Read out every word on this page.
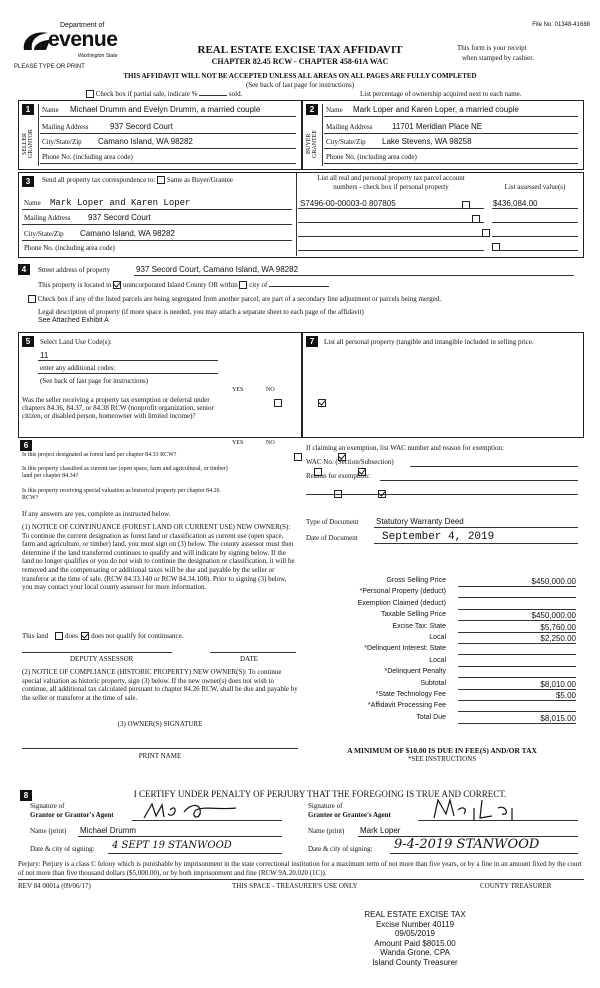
File No: 01348-41688
Department of
evenue
Washington State
PLEASE TYPE OR PRINT
REAL ESTATE EXCISE TAX AFFIDAVIT
CHAPTER 82.45 RCW - CHAPTER 458-61A WAC
This form is your receipt
when stamped by cashier.
THIS AFFIDAVIT WILL NOT BE ACCEPTED UNLESS ALL AREAS ON ALL PAGES ARE FULLY COMPLETED
(See back of last page for instructions)
Check box if partial sale, indicate %	sold.	List percentage of ownership acquired next to each name.
1	2
SELLER GRANTOR	BUYER GRANTEE
Name Michael Drumm and Evelyn Drumm, a married couple
Mailing Address	937 Secord Court
City/State/Zip Camano Island, WA 98282
Phone No. (including area code)
Name Mark Loper and Karen Loper, a married couple
Mailing Address 11701 Meridian Place NE
City/State/Zip Lake Stevens, WA 98258
Phone No. (including area code)
3	Send all property tax correspondence to: Same as Buyer/Grantee
Name Mark Loper and Karen Loper
Mailing Address 937 Secord Court
City/State/Zip Camano Island, WA 98282
Phone No. (including area code)
List all real and personal property tax parcel account
numbers - check box if personal property	List assessed value(s)
S7496-00-00003-0 807805	$436,084.00

4	Street address of property	937 Secord Court, Camano Island, WA 98282
This property is located in unincorporated Island County OR within city of
Check box if any of the listed parcels are being segregated from another parcel, are part of a secondary line adjustment or parcels being merged.
Legal description of property (if more space is needed, you may attach a separate sheet to each page of the affidavit)
See Attached Exhibit A
5	Select Land Use Code(s):
11
enter any additional codes:
(See back of last page for instructions)
YES	NO
Was the seller receiving a property tax exemption or deferral under chapters 84.36, 84.37, or 84.38 RCW (nonprofit organization, senior citizen, or disabled person, homeowner with limited income)?

6	YES	NO
Is this project designated as forest land per chapter 84.33 RCW?

Is this property classified as current use (open space, farm and agricultural, or timber) land per chapter 84.34?

Is this property receiving special valuation as historical property per chapter 84.26 RCW?

If any answers are yes, complete as instructed below.
(1) NOTICE OF CONTINUANCE (FOREST LAND OR CURRENT USE) NEW OWNER(S): To continue the current designation as forest land or classification as current use (open space, farm and agriculture, or timber) land, you must sign on (3) below. The county assessor must then determine if the land transferred continues to qualify and will indicate by signing below. If the land no longer qualifies or you do not wish to continue the designation or classification, it will be removed and the compensating or additional taxes will be due and payable by the seller or transferor at the time of sale. (RCW 84.33.140 or RCW 84.34.108). Prior to signing (3) below, you may contact your local county assessor for more information.
This land does does not qualify for continuance.
DEPUTY ASSESSOR	DATE
(2) NOTICE OF COMPLIANCE (HISTORIC PROPERTY) NEW OWNER(S): To continue special valuation as historic property, sign (3) below. If the new owner(s) does not wish to continue, all additional tax calculated pursuant to chapter 84.26 RCW, shall be due and payable by the seller or transferor at the time of sale.
(3) OWNER(S) SIGNATURE
PRINT NAME
7	List all personal property (tangible and intangible included in selling price.
If claiming an exemption, list WAC number and reason for exemption:
WAC No. (Section/Subsection)
Reason for exemption:
Type of Document Statutory Warranty Deed
Date of Document September 4, 2019
Gross Selling Price	$450,000.00
*Personal Property (deduct)
Exemption Claimed (deduct)
Taxable Selling Price	$450,000.00
Excise Tax: State	$5,760.00
Local	$2,250.00
*Delinquent Interest: State
Local
*Delinquent Penalty
Subtotal	$8,010.00
*State Technology Fee	$5.00
*Affidavit Processing Fee
Total Due	$8,015.00
A MINIMUM OF $10.00 IS DUE IN FEE(S) AND/OR TAX
*SEE INSTRUCTIONS
8	I CERTIFY UNDER PENALTY OF PERJURY THAT THE FOREGOING IS TRUE AND CORRECT.
Signature of
Grantor or Grantor's Agent
Name (print) Michael Drumm
Date & city of signing: 4 SEPT 19 STANWOOD
Signature of
Grantee or Grantee's Agent
Name (print) Mark Loper
Date & city of signing: 9-4-2019 STANWOOD
Perjury: Perjury is a class C felony which is punishable by imprisonment in the state correctional institution for a maximum term of not more than five years, or by a fine in an amount fixed by the court of not more than five thousand dollars ($5,000.00), or by both imprisonment and fine (RCW 9A.20.020 (1C)).
REV 84 0001a (09/06/17)	THIS SPACE - TREASURER'S USE ONLY	COUNTY TREASURER
REAL ESTATE EXCISE TAX
Excise Number 40119
09/05/2019
Amount Paid $8015.00
Wanda Grone, CPA
Island County Treasurer
